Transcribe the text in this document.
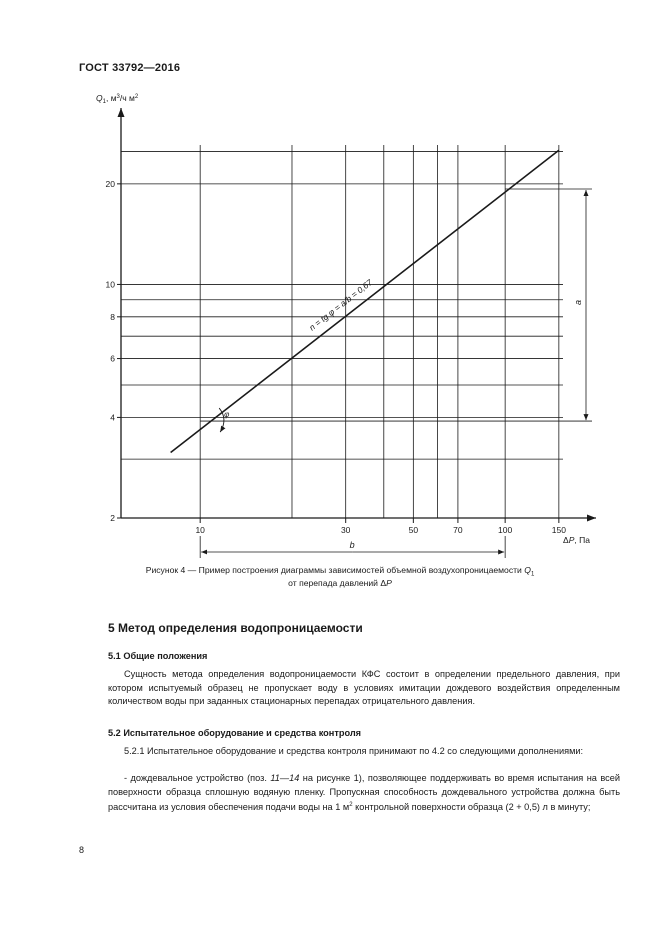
ГОСТ 33792—2016
10	30	50	70	100	150
2
4
6
8
10
20
n = tg φ = a/b = 0,67
φ
a
b
$Q_1$, $м^3/ч$ $м^2$
ΔP, Па
Рисунок 4 — Пример построения диаграммы зависимостей объемной воздухопроницаемости $Q_1$
от перепада давлений ΔP
5 Метод определения водопроницаемости
5.1 Общие положения
Сущность метода определения водопроницаемости КФС состоит в определении предельного давления, при котором испытуемый образец не пропускает воду в условиях имитации дождевого воздействия определенным количеством воды при заданных стационарных перепадах отрицательного давления.
5.2 Испытательное оборудование и средства контроля
5.2.1 Испытательное оборудование и средства контроля принимают по 4.2 со следующими дополнениями:
- дождевальное устройство (поз. 11—14 на рисунке 1), позволяющее поддерживать во время испытания на всей поверхности образца сплошную водяную пленку. Пропускная способность дождевального устройства должна быть рассчитана из условия обеспечения подачи воды на 1 $м^2$ контрольной поверхности образца (2 + 0,5) л в минуту;
8
